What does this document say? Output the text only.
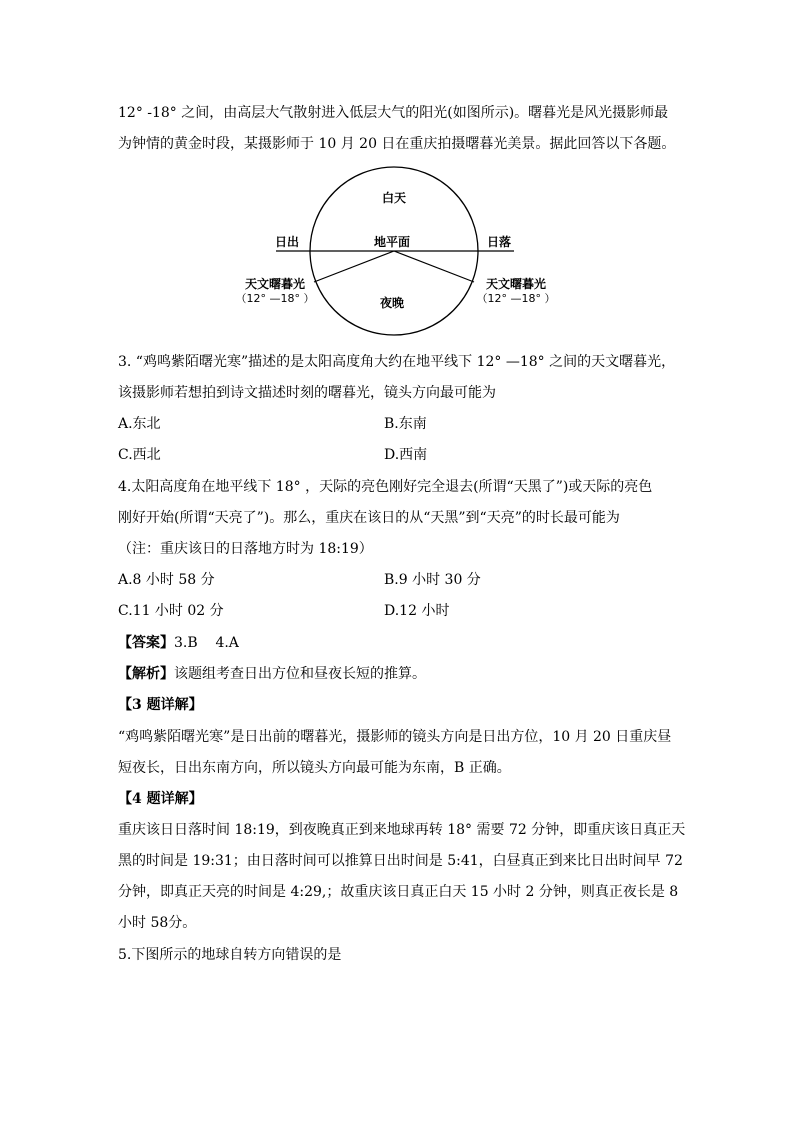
12° -18° 之间，由高层大气散射进入低层大气的阳光(如图所示)。曙暮光是风光摄影师最
为钟情的黄金时段，某摄影师于 10 月 20 日在重庆拍摄曙暮光美景。据此回答以下各题。
白天
地平面
日出	日落
夜晚
天文曙暮光
（12° —18° ）
天文曙暮光
（12° —18° ）
3. “鸡鸣紫陌曙光寒”描述的是太阳高度角大约在地平线下 12° —18° 之间的天文曙暮光，
该摄影师若想拍到诗文描述时刻的曙暮光，镜头方向最可能为
A.东北	B.东南
C.西北	D.西南
4.太阳高度角在地平线下 18° ，天际的亮色刚好完全退去(所谓“天黑了”)或天际的亮色
刚好开始(所谓“天亮了”)。那么，重庆在该日的从“天黑”到“天亮”的时长最可能为
（注：重庆该日的日落地方时为 18:19）
A.8 小时 58 分	B.9 小时 30 分
C.11 小时 02 分	D.12 小时
【答案】3.B    4.A
【解析】该题组考查日出方位和昼夜长短的推算。
【3 题详解】
“鸡鸣紫陌曙光寒”是日出前的曙暮光，摄影师的镜头方向是日出方位，10 月 20 日重庆昼
短夜长，日出东南方向，所以镜头方向最可能为东南，B 正确。
【4 题详解】
重庆该日日落时间 18:19，到夜晚真正到来地球再转 18° 需要 72 分钟，即重庆该日真正天
黑的时间是 19:31；由日落时间可以推算日出时间是 5:41，白昼真正到来比日出时间早 72
分钟，即真正天亮的时间是 4:29,；故重庆该日真正白天 15 小时 2 分钟，则真正夜长是 8
小时 58分。
5.下图所示的地球自转方向错误的是
